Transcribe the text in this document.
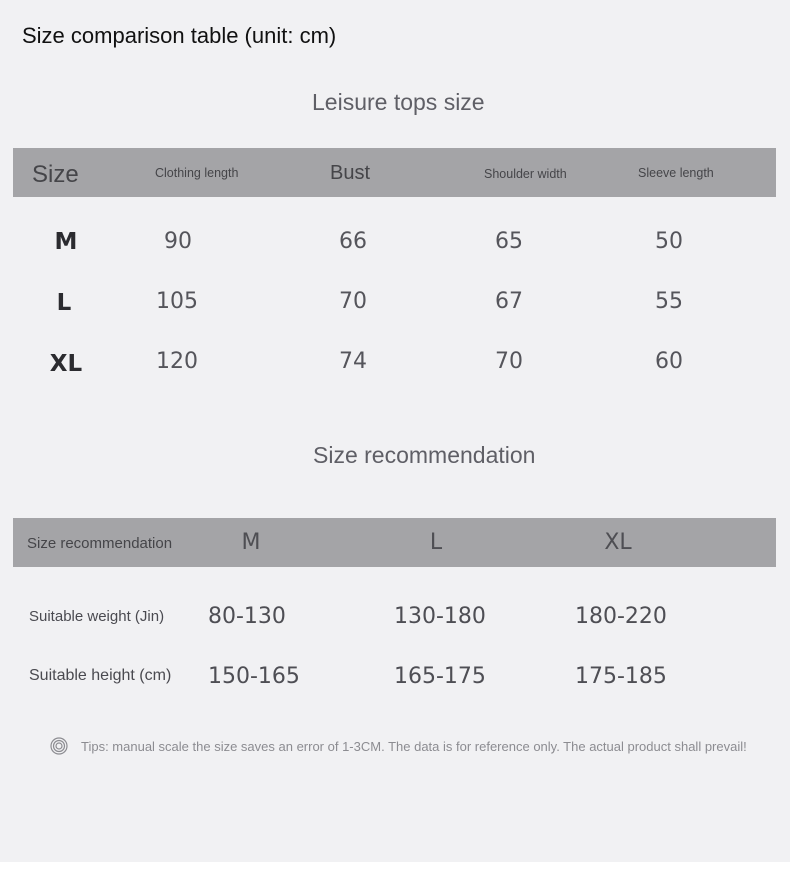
Size comparison table (unit: cm)
Leisure tops size
Size	Clothing length	Bust	Shoulder width	Sleeve length
M	90	66	65	50
L	105	70	67	55
XL	120	74	70	60
Size recommendation
Size recommendation	M	L	XL
Suitable weight (Jin) 80-130	130-180	180-220
Suitable height (cm) 150-165	165-175	175-185
Tips: manual scale the size saves an error of 1-3CM. The data is for reference only. The actual product shall prevail!
